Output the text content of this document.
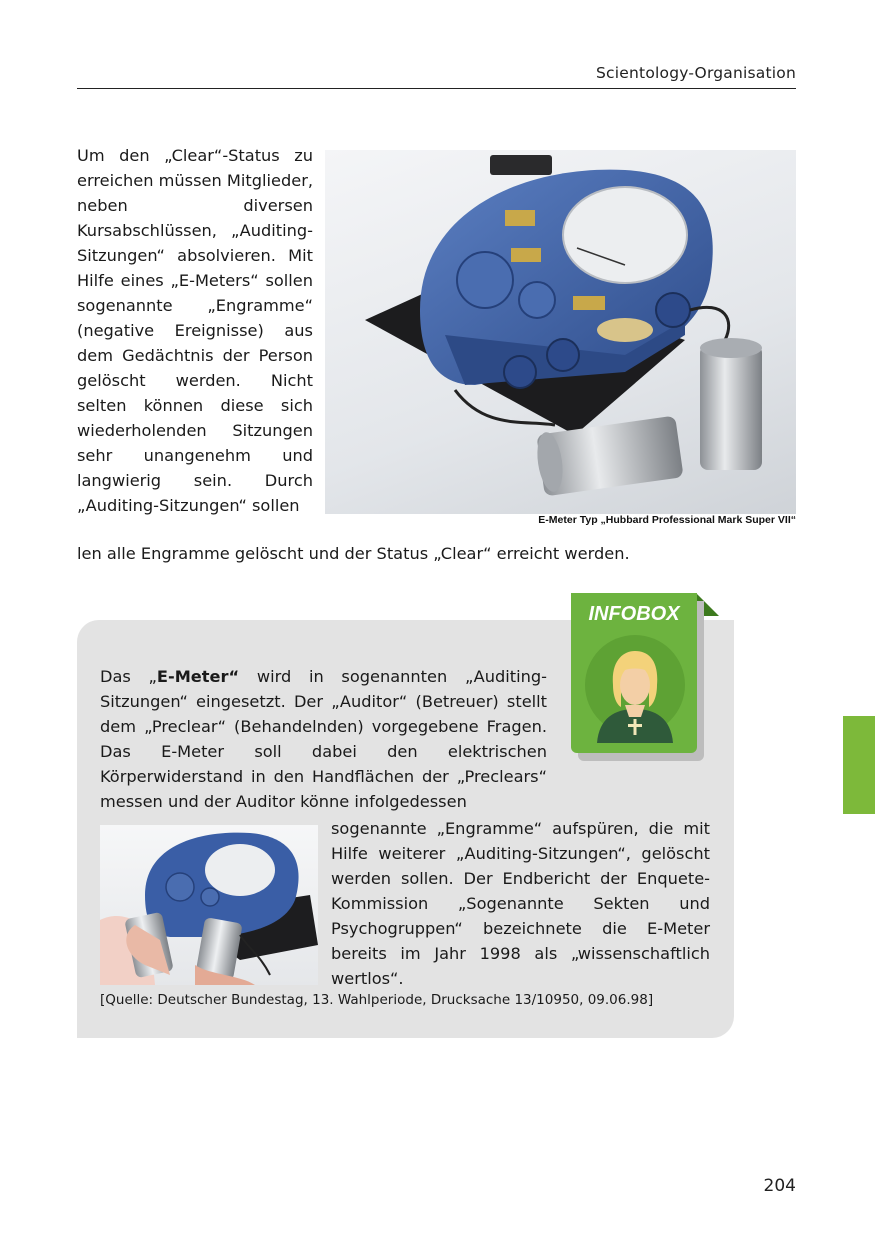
Scientology-Organisation
Um den „Clear“-Status zu erreichen müssen Mitglieder, neben diversen Kursabschlüssen, „Auditing-Sitzungen“ absolvieren. Mit Hilfe eines „E-Meters“ sollen sogenannte „Engramme“ (negative Ereignisse) aus dem Gedächtnis der Person gelöscht werden. Nicht selten können diese sich wiederholenden Sitzungen sehr unangenehm und langwierig sein. Durch „Auditing-Sitzungen“ sollen
len alle Engramme gelöscht und der Status „Clear“ erreicht werden.
E-Meter Typ „Hubbard Professional Mark Super VII“
Das „E-Meter“ wird in sogenannten „Auditing-Sitzungen“ eingesetzt. Der „Auditor“ (Betreuer) stellt dem „Preclear“ (Behandelnden) vorgegebene Fragen. Das E-Meter soll dabei den elektrischen Körperwiderstand in den Handflächen der „Preclears“ messen und der Auditor könne infolgedessen
sogenannte „Engramme“ aufspüren, die mit Hilfe weiterer „Auditing-Sitzungen“, gelöscht werden sollen. Der Endbericht der Enquete-Kommission „Sogenannte Sekten und Psychogruppen“ bezeichnete die E-Meter bereits im Jahr 1998 als „wissenschaftlich wertlos“.
[Quelle: Deutscher Bundestag, 13. Wahlperiode, Drucksache 13/10950, 09.06.98]
INFOBOX
204
